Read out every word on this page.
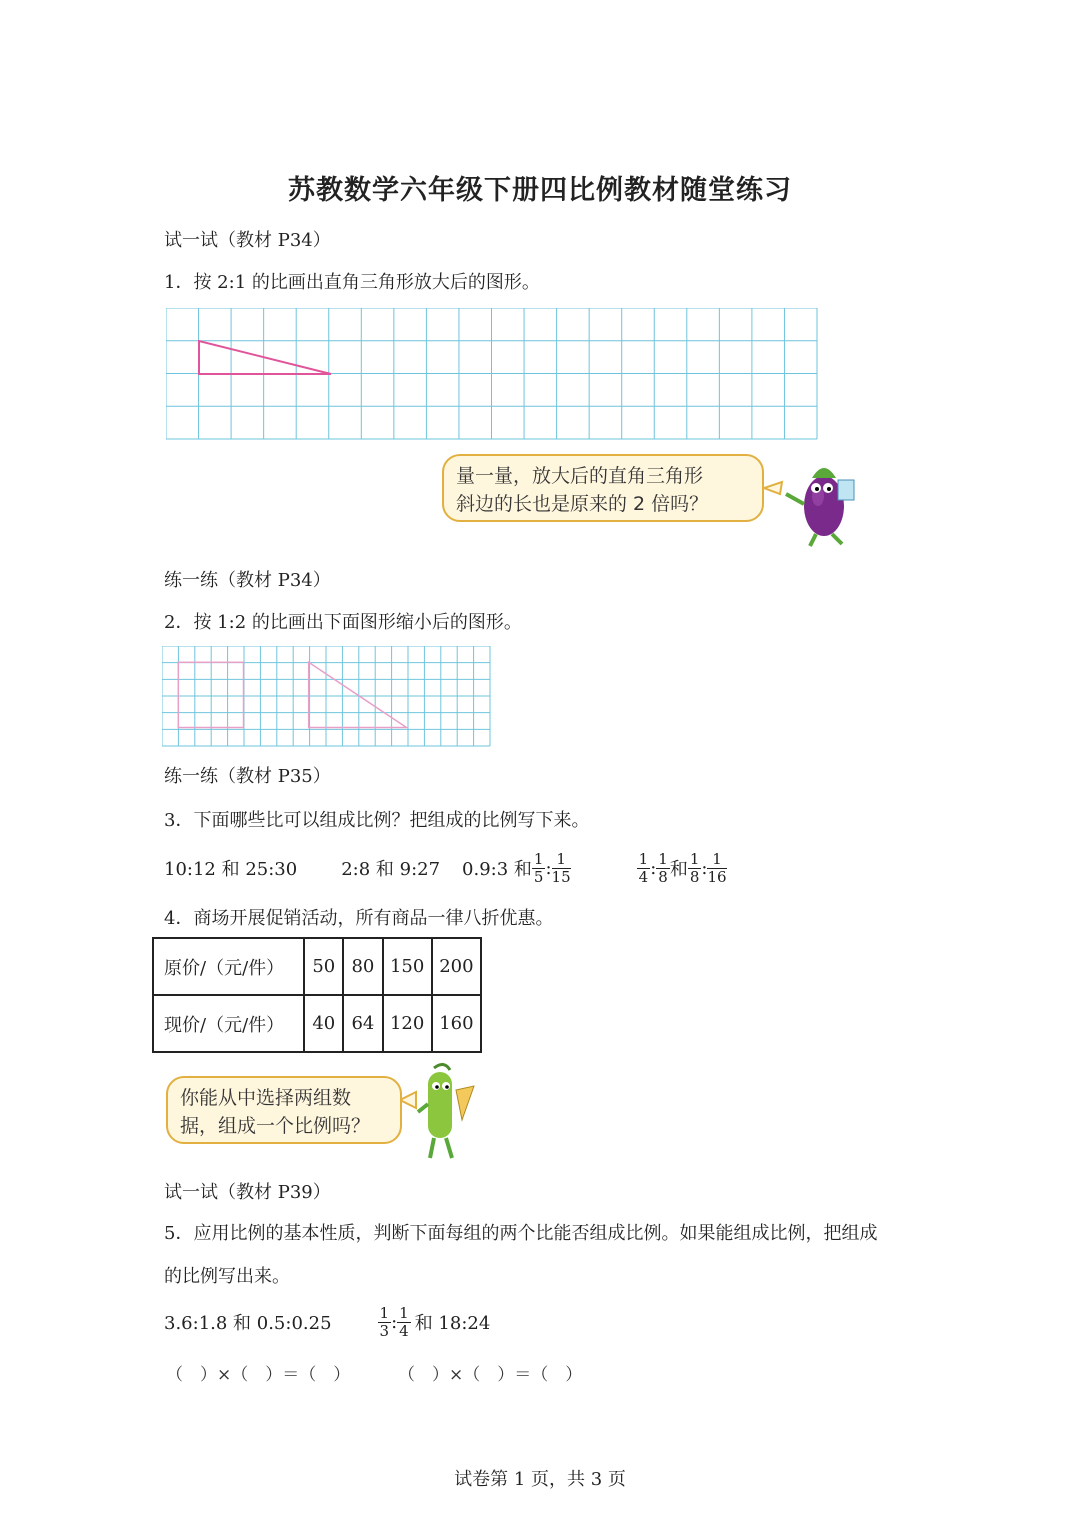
苏教数学六年级下册四比例教材随堂练习
试一试（教材 P34）
1．按 2:1 的比画出直角三角形放大后的图形。
量一量，放大后的直角三角形
斜边的长也是原来的 2 倍吗？
练一练（教材 P34）
2．按 1:2 的比画出下面图形缩小后的图形。
练一练（教材 P35）
3．下面哪些比可以组成比例？把组成的比例写下来。
10:12 和 25:30 2:8 和 9:27 0.9:3 和 $\frac{1}{5}$ : $\frac{1}{15}$	$\frac{1}{4}$ : $\frac{1}{8}$ 和 $\frac{1}{8}$ : $\frac{1}{16}$
4．商场开展促销活动，所有商品一律八折优惠。
原价/（元/件）	50	80	150	200
现价/（元/件）	40	64	120	160
你能从中选择两组数
据，组成一个比例吗？
试一试（教材 P39）
5．应用比例的基本性质，判断下面每组的两个比能否组成比例。如果能组成比例，把组成
的比例写出来。
3.6:1.8 和 0.5:0.25	$\frac{1}{3}$ : $\frac{1}{4}$ 和 18:24
（　）×（　）＝（　）	（　）×（　）＝（　）
试卷第 1 页，共 3 页
